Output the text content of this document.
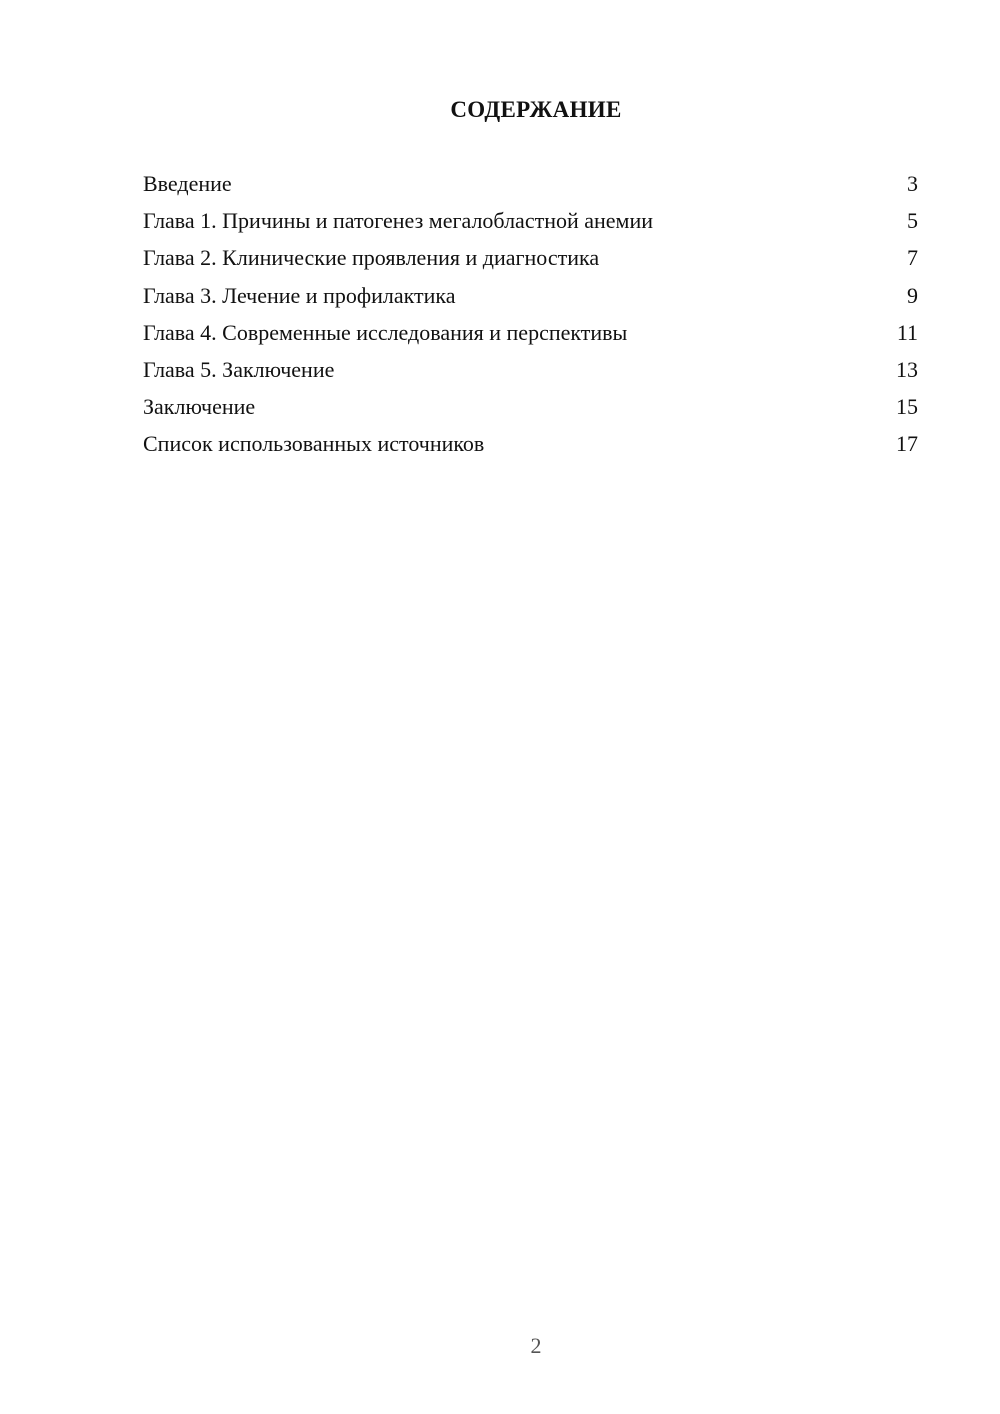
СОДЕРЖАНИЕ
Введение	3
Глава 1. Причины и патогенез мегалобластной анемии	5
Глава 2. Клинические проявления и диагностика	7
Глава 3. Лечение и профилактика	9
Глава 4. Современные исследования и перспективы	11
Глава 5. Заключение	13
Заключение	15
Список использованных источников	17
2
